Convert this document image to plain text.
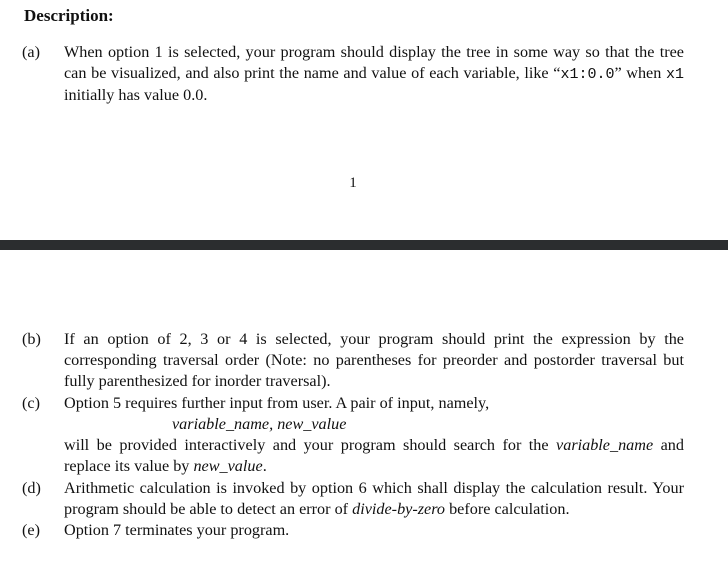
Description:
(a)	When option 1 is selected, your program should display the tree in some way so that the tree can be visualized, and also print the name and value of each variable, like “x1:0.0” when x1 initially has value 0.0.
1
(b)	If an option of 2, 3 or 4 is selected, your program should print the expression by the corresponding traversal order (Note: no parentheses for preorder and postorder traversal but fully parenthesized for inorder traversal).
(c)	Option 5 requires further input from user. A pair of input, namely,
variable_name, new_value
will be provided interactively and your program should search for the variable_name and replace its value by new_value.
(d)	Arithmetic calculation is invoked by option 6 which shall display the calculation result. Your program should be able to detect an error of divide-by-zero before calculation.
(e)	Option 7 terminates your program.
